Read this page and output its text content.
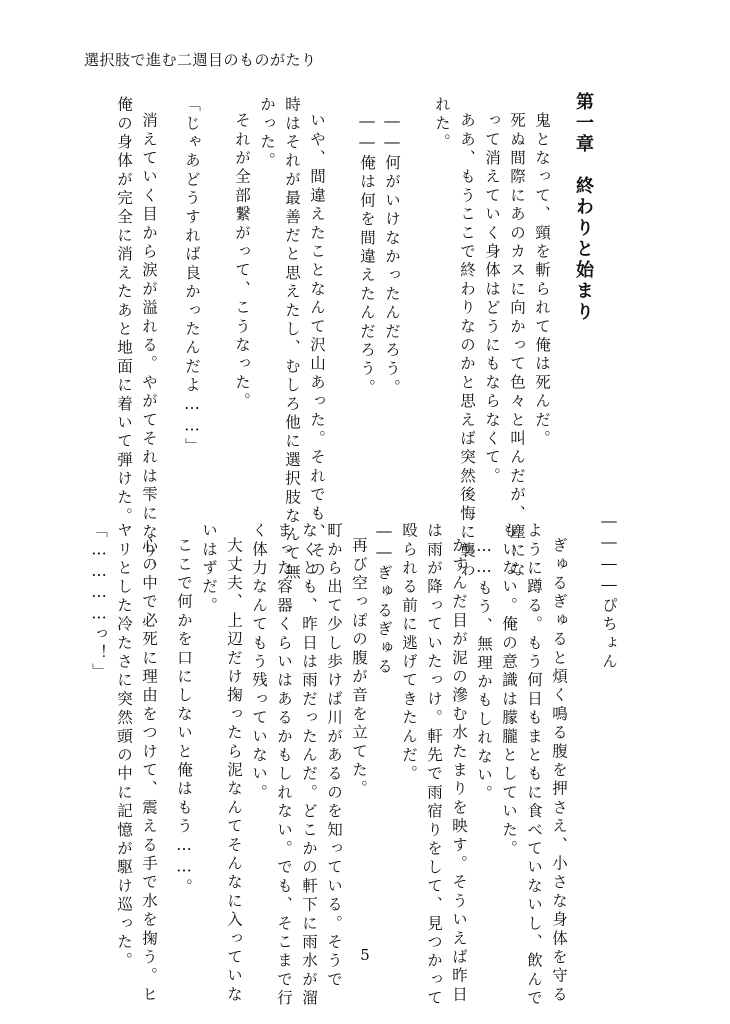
選択肢で進む二週目のものがたり
第一章　終わりと始まり
鬼となって、頸を斬られて俺は死んだ。
死ぬ間際にあのカスに向かって色々と叫んだが、塵にな
って消えていく身体はどうにもならなくて。
ああ、もうここで終わりなのかと思えば突然後悔に襲わ
れた。
――何がいけなかったんだろう。
――俺は何を間違えたんだろう。
いや、間違えたことなんて沢山あった。それでも、その
時はそれが最善だと思えたし、むしろ他に選択肢なんて無
かった。
それが全部繋がって、こうなった。
「じゃあどうすれば良かったんだよ……」
消えていく目から涙が溢れる。やがてそれは雫になり、
俺の身体が完全に消えたあと地面に着いて弾けた。
――――ぴちょん
ぎゅるぎゅると煩く鳴る腹を押さえ、小さな身体を守る
ように蹲る。もう何日もまともに食べていないし、飲んで
もいない。俺の意識は朦朧としていた。
……もう、無理かもしれない。
かすんだ目が泥の滲む水たまりを映す。そういえば昨日
は雨が降っていたっけ。軒先で雨宿りをして、見つかって
殴られる前に逃げてきたんだ。
――ぎゅるぎゅる
再び空っぽの腹が音を立てた。
町から出て少し歩けば川があるのを知っている。そうで
なくとも、昨日は雨だったんだ。どこかの軒下に雨水が溜
まった容器くらいはあるかもしれない。でも、そこまで行
く体力なんてもう残っていない。
大丈夫、上辺だけ掬ったら泥なんてそんなに入っていな
いはずだ。
ここで何かを口にしないと俺はもう……。
心の中で必死に理由をつけて、震える手で水を掬う。ヒ
ヤリとした冷たさに突然頭の中に記憶が駆け巡った。
「…………っ！」
5
